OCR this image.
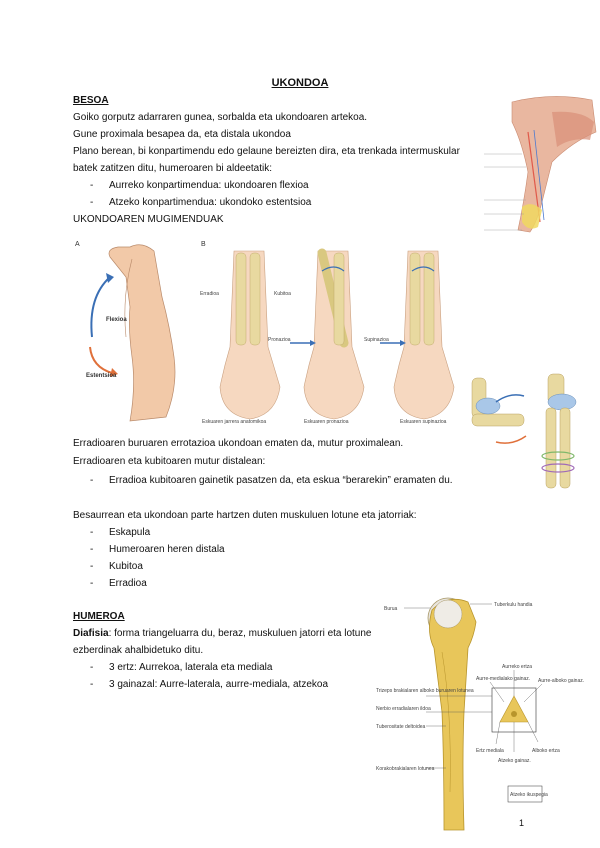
UKONDOA
BESOA
Goiko gorputz adarraren gunea, sorbalda eta ukondoaren artekoa.
Gune proximala besapea da, eta distala ukondoa
Plano berean, bi konpartimendu edo gelaune bereizten dira, eta trenkada intermuskular
batek zatitzen ditu, humeroaren bi aldeetatik:
- Aurreko konpartimendua: ukondoaren flexioa
- Atzeko konpartimendua: ukondoko estentsioa
UKONDOAREN MUGIMENDUAK
A
Flexioa
Estentsioa
B
Erradioa	Kubitoa
Eskuaren jarrera anatomikoa
Pronazioa
Eskuaren pronazioa
Supinazioa
Eskuaren supinazioa
Erradioaren buruaren errotazioa ukondoan ematen da, mutur proximalean.
Erradioaren eta kubitoaren mutur distalean:
- Erradioa kubitoaren gainetik pasatzen da, eta eskua “berarekin” eramaten du.
Besaurrean eta ukondoan parte hartzen duten muskuluen lotune eta jatorriak:
- Eskapula
- Humeroaren heren distala
- Kubitoa
- Erradioa
HUMEROA
Diafisia: forma triangeluarra du, beraz, muskuluen jatorri eta lotune
ezberdinak ahalbidetuko ditu.
- 3 ertz: Aurrekoa, laterala eta mediala
- 3 gainazal: Aurre-laterala, aurre-mediala, atzekoa
Burua
Tuberkulu handia
Aurreko ertza
Aurre-medialako gainaz. Aurre-alboko gainaz.
Trizeps brakialaren alboko buruaren lotunea
Nerbio erradialaren ildoa
Tuberositate deltoidea
Ertz mediala	Alboko ertza
Atzeko gainaz.
Korakobrakialaren lotunea
Atzeko ikuspegia
1
